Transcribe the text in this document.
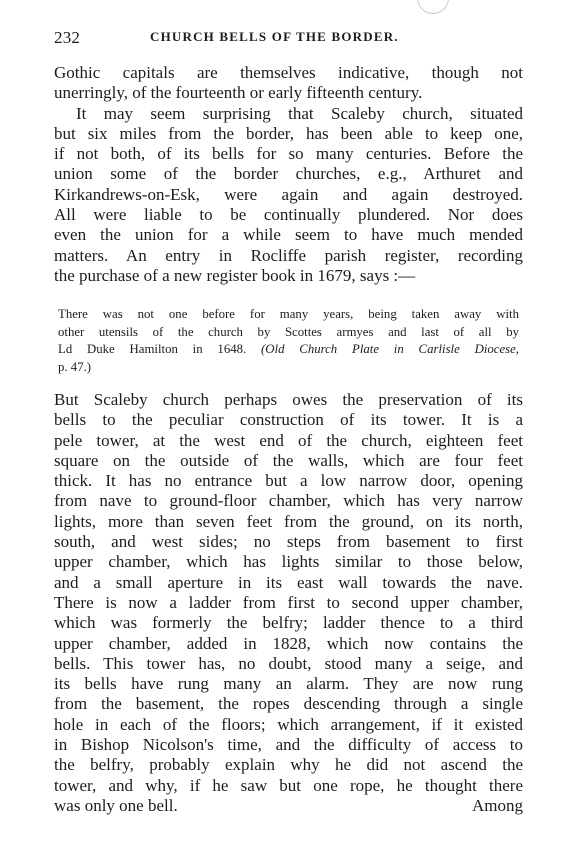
232	CHURCH BELLS OF THE BORDER.
Gothic capitals are themselves indicative, though not
unerringly, of the fourteenth or early fifteenth century.
It may seem surprising that Scaleby church, situated
but six miles from the border, has been able to keep one,
if not both, of its bells for so many centuries. Before the
union some of the border churches, e.g., Arthuret and
Kirkandrews-on-Esk, were again and again destroyed.
All were liable to be continually plundered. Nor does
even the union for a while seem to have much mended
matters. An entry in Rocliffe parish register, recording
the purchase of a new register book in 1679, says :—
There was not one before for many years, being taken away with
other utensils of the church by Scottes armyes and last of all by
Ld Duke Hamilton in 1648. (Old Church Plate in Carlisle Diocese,
p. 47.)
But Scaleby church perhaps owes the preservation of its
bells to the peculiar construction of its tower. It is a
pele tower, at the west end of the church, eighteen feet
square on the outside of the walls, which are four feet
thick. It has no entrance but a low narrow door, opening
from nave to ground-floor chamber, which has very narrow
lights, more than seven feet from the ground, on its north,
south, and west sides; no steps from basement to first
upper chamber, which has lights similar to those below,
and a small aperture in its east wall towards the nave.
There is now a ladder from first to second upper chamber,
which was formerly the belfry; ladder thence to a third
upper chamber, added in 1828, which now contains the
bells. This tower has, no doubt, stood many a seige, and
its bells have rung many an alarm. They are now rung
from the basement, the ropes descending through a single
hole in each of the floors; which arrangement, if it existed
in Bishop Nicolson's time, and the difficulty of access to
the belfry, probably explain why he did not ascend the
tower, and why, if he saw but one rope, he thought there
was only one bell.	Among
